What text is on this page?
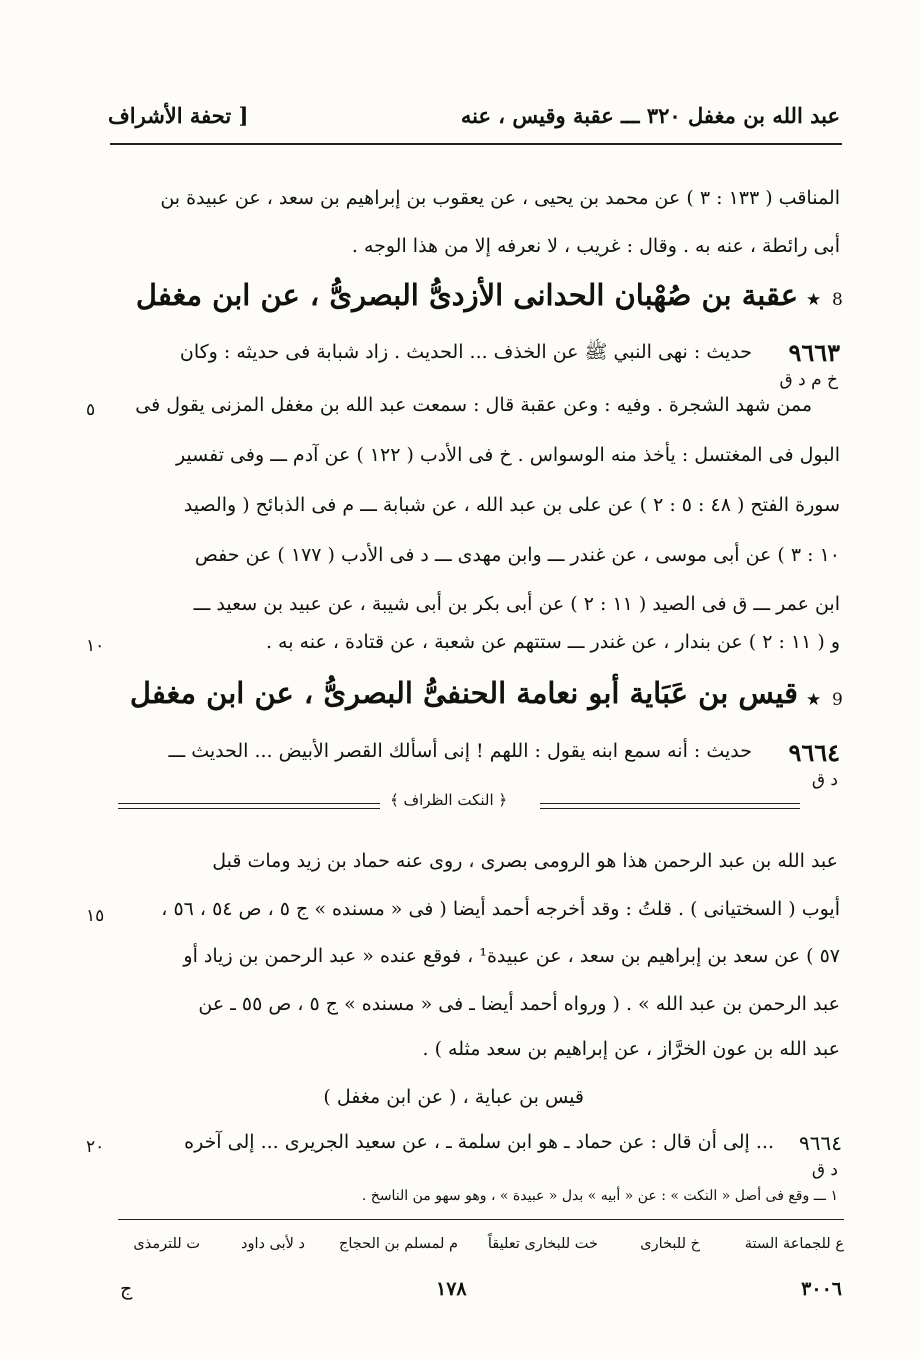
عبد الله بن مغفل ٣٢٠ ـــ عقبة وقيس ، عنه
[ تحفة الأشراف
المناقب ( ١٣٣ : ٣ ) عن محمد بن يحيى ، عن يعقوب بن إبراهيم بن سعد ، عن عبيدة بن
أبى رائطة ، عنه به . وقال : غريب ، لا نعرفه إلا من هذا الوجه .
8
★
عقبة بن صُهْبان الحدانى الأزدىُّ البصرىُّ ، عن ابن مغفل
٩٦٦٣
حديث : نهى النبي ﷺ عن الخذف ... الحديث . زاد شبابة فى حديثه : وكان
خ م د ق
ممن شهد الشجرة . وفيه : وعن عقبة قال : سمعت عبد الله بن مغفل المزنى يقول فى
البول فى المغتسل : يأخذ منه الوسواس . خ فى الأدب ( ١٢٢ ) عن آدم ـــ وفى تفسير
سورة الفتح ( ٤٨ : ٥ : ٢ ) عن على بن عبد الله ، عن شبابة ـــ م فى الذبائح ( والصيد
١٠ : ٣ ) عن أبى موسى ، عن غندر ـــ وابن مهدى ـــ د فى الأدب ( ١٧٧ ) عن حفص
ابن عمر ـــ ق فى الصيد ( ١١ : ٢ ) عن أبى بكر بن أبى شيبة ، عن عبيد بن سعيد ـــ
و ( ١١ : ٢ ) عن بندار ، عن غندر ـــ ستتهم عن شعبة ، عن قتادة ، عنه به .
٥
١٠
١٥
٢٠
9
★
قيس بن عَبَاية أبو نعامة الحنفىُّ البصرىُّ ، عن ابن مغفل
٩٦٦٤
حديث : أنه سمع ابنه يقول : اللهم ! إنى أسألك القصر الأبيض ... الحديث ـــ
د ق
﴿ النكت الظراف ﴾
عبد الله بن عبد الرحمن هذا هو الرومى بصرى ، روى عنه حماد بن زيد ومات قبل
أيوب ( السختيانى ) . قلتُ : وقد أخرجه أحمد أيضا ( فى « مسنده » ج ٥ ، ص ٥٤ ، ٥٦ ،
٥٧ ) عن سعد بن إبراهيم بن سعد ، عن عبيدة¹ ، فوقع عنده « عبد الرحمن بن زياد أو
عبد الرحمن بن عبد الله » . ( ورواه أحمد أيضا ـ فى « مسنده » ج ٥ ، ص ٥٥ ـ عن
عبد الله بن عون الخرَّاز ، عن إبراهيم بن سعد مثله ) .
قيس بن عباية ، ( عن ابن مغفل )
٩٦٦٤
... إلى أن قال : عن حماد ـ هو ابن سلمة ـ ، عن سعيد الجريرى ... إلى آخره
د ق
١ ـــ وقع فى أصل « النكت » : عن « أبيه » بدل « عبيدة » ، وهو سهو من الناسخ .
ع للجماعة الستة
خ للبخارى
خت للبخارى تعليقاً
م لمسلم بن الحجاج
د لأبى داود
ت للترمذى
٣٠٠٦
١٧٨
ج
